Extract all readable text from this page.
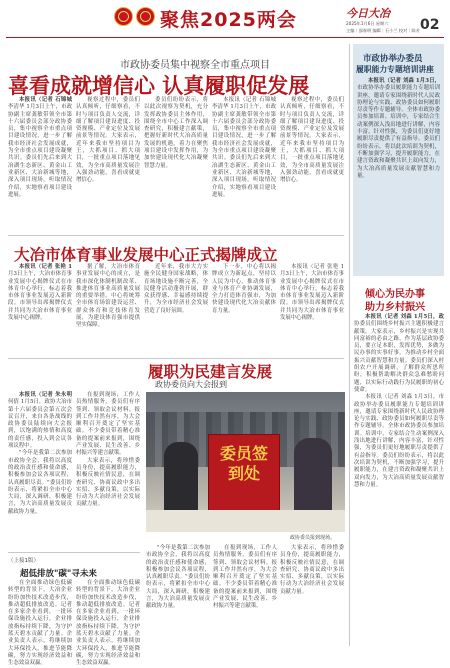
聚焦2025两会	今日大冶
2025年1月6日 星期六
主编｜邵春明 编辑｜石小兰 校对｜陈芳 02
市政协委员集中视察全市重点项目
喜看成就增信心 认真履职促发展

本报讯（记者 石锦城 李清华 1月3日上午，市政协副主席龚敏带领全市第十六届委员会部分政协委员，集中视察全市重点项目建设情况，进一步了解我市经济社会发展成就，为全市重点项目建设凝聚共识。委员们先后来到大冶湖生态新区、黄金山工业新区、大冶新城等地，深入项目现场，听取情况介绍，实地察看项目建设进展。

视察过程中，委员们认真倾听，仔细察看，不时与项目负责人交流，详细了解项目建设进度、投资规模、产业定位及发展前景等情况。大家表示，近年来我市坚持项目为王，大抓项目、抓大项目，一批重点项目落地见效，为全市高质量发展注入强劲动能，喜看成就更增信心。

委员们纷纷表示，将以此次视察为契机，充分发挥政协委员主体作用，围绕全市中心工作深入调查研究，积极建言献策，把握好新时代大冶高质量发展的机遇，着力在聚焦项目建设中发挥作用，为加快建设现代化大冶凝聚智慧力量。

本报讯（记者 石锦城 李清华 1月3日上午，市政协副主席龚敏带领全市第十六届委员会部分政协委员，集中视察全市重点项目建设情况，进一步了解我市经济社会发展成就，为全市重点项目建设凝聚共识。委员们先后来到大冶湖生态新区、黄金山工业新区、大冶新城等地，深入项目现场，听取情况介绍，实地察看项目建设进展。

视察过程中，委员们认真倾听，仔细察看，不时与项目负责人交流，详细了解项目建设进度、投资规模、产业定位及发展前景等情况。大家表示，近年来我市坚持项目为王，大抓项目、抓大项目，一批重点项目落地见效，为全市高质量发展注入强劲动能，喜看成就更增信心。

大冶市体育事业发展中心正式揭牌成立

本报讯（记者 张艳 1月3日上午，大冶市体育事业发展中心揭牌仪式在市体育中心举行，标志着我市体育事业发展迈入新阶段。市领导出席揭牌仪式并共同为大冶市体育事业发展中心揭牌。

据了解，大冶市体育事业发展中心的成立，是我市深化体制机制改革、推进体育事业高质量发展的重要举措。中心将统筹全市体育场馆建设运营、群众体育和竞技体育发展，为建设体育强市提供坚实保障。

近年来，我市大力实施全民健身国家战略，体育场地设施不断完善，全民健身活动蓬勃开展，群众获得感、幸福感持续提升，为全市经济社会发展营造了良好氛围。

下一步，中心将以揭牌成立为新起点，坚持以人民为中心，推动体育事业与体育产业协调发展，全力打造体育强市，为加快建设现代化大冶贡献体育力量。

本报讯（记者 张艳 1月3日上午，大冶市体育事业发展中心揭牌仪式在市体育中心举行，标志着我市体育事业发展迈入新阶段。市领导出席揭牌仪式并共同为大冶市体育事业发展中心揭牌。

履职为民建言发展
政协委员向大会报到

本报讯（记者 朱永明 何倩 1月5日，政协大冶市第十六届委员会第五次会议召开，来自各条战线的政协委员陆续向大会报到，以饱满的热情和高度的责任感，投入到会议各项议程中。

"今年是我第二次参加市政协全会，我将以高度的政治责任感和使命感，积极参加会议各项议程，认真履职尽责。"委员们纷纷表示，将紧扣全市中心大局，深入调研，积极建言，为大冶高质量发展贡献政协力量。

在报到现场，工作人员热情服务，委员们有序签到、领取会议材料。报到工作井然有序，为大会顺利召开奠定了坚实基础。不少委员带着精心准备的提案前来报到，围绕产业发展、民生改善、乡村振兴等建言献策。

大家表示，将珍惜委员身份，提高履职能力，积极反映社情民意，在调查研究、协商议政中多出实招、多献良策，以实际行动为大冶经济社会发展贡献力量。

委员签到处
政协委员报到现场。

"今年是我第二次参加市政协全会，我将以高度的政治责任感和使命感，积极参加会议各项议程，认真履职尽责。"委员们纷纷表示，将紧扣全市中心大局，深入调研，积极建言，为大冶高质量发展贡献政协力量。

在报到现场，工作人员热情服务，委员们有序签到、领取会议材料。报到工作井然有序，为大会顺利召开奠定了坚实基础。不少委员带着精心准备的提案前来报到，围绕产业发展、民生改善、乡村振兴等建言献策。

大家表示，将珍惜委员身份，提高履职能力，积极反映社情民意，在调查研究、协商议政中多出实招、多献良策，以实际行动为大冶经济社会发展贡献力量。

（上接1版）
超低排放"碳"寻未来

在全面推动绿色低碳转型的背景下，大冶企业纷纷加快技术改造步伐，推动超低排放改造。记者在多家企业看到，一批环保设施投入运行，企业排放指标持续下降，为守护蓝天碧水贡献了力量。企业负责人表示，将继续加大环保投入，推进节能降碳，努力实现经济效益和生态效益双赢。

在全面推动绿色低碳转型的背景下，大冶企业纷纷加快技术改造步伐，推动超低排放改造。记者在多家企业看到，一批环保设施投入运行，企业排放指标持续下降，为守护蓝天碧水贡献了力量。企业负责人表示，将继续加大环保投入，推进节能降碳，努力实现经济效益和生态效益双赢。

市政协举办委员
履职能力专题培训讲座

本报讯（记者 刘森 1月3日，市政协举办委员履职能力专题培训讲座，邀请专家围绕新时代人民政协理论与实践、政协委员如何履职尽责等作专题辅导。全体市政协委员参加培训。培训中，专家结合生动案例深入浅出地进行讲解，内容丰富，针对性强，为委员们更好地履职尽责提供了有益指导。委员们纷纷表示，将以此次培训为契机，不断加强学习，提升履职能力，在建言资政和凝聚共识上双向发力，为大冶高质量发展贡献智慧和力量。

倾心为民办事
助力乡村振兴

本报讯（记者 刘森 1月5日，政协委员们围绕乡村振兴主题积极建言献策。大家表示，乡村振兴是实现共同富裕的必由之路，作为基层政协委员，要立足本职，发挥优势，多做为民办事的实事好事，为推动乡村全面振兴贡献智慧和力量。委员们深入村组农户开展调研，了解群众所思所盼，积极帮助解决群众急难愁盼问题，以实际行动践行为民履职的初心使命。

本报讯（记者 刘森 1月3日，市政协举办委员履职能力专题培训讲座，邀请专家围绕新时代人民政协理论与实践、政协委员如何履职尽责等作专题辅导。全体市政协委员参加培训。培训中，专家结合生动案例深入浅出地进行讲解，内容丰富，针对性强，为委员们更好地履职尽责提供了有益指导。委员们纷纷表示，将以此次培训为契机，不断加强学习，提升履职能力，在建言资政和凝聚共识上双向发力，为大冶高质量发展贡献智慧和力量。
